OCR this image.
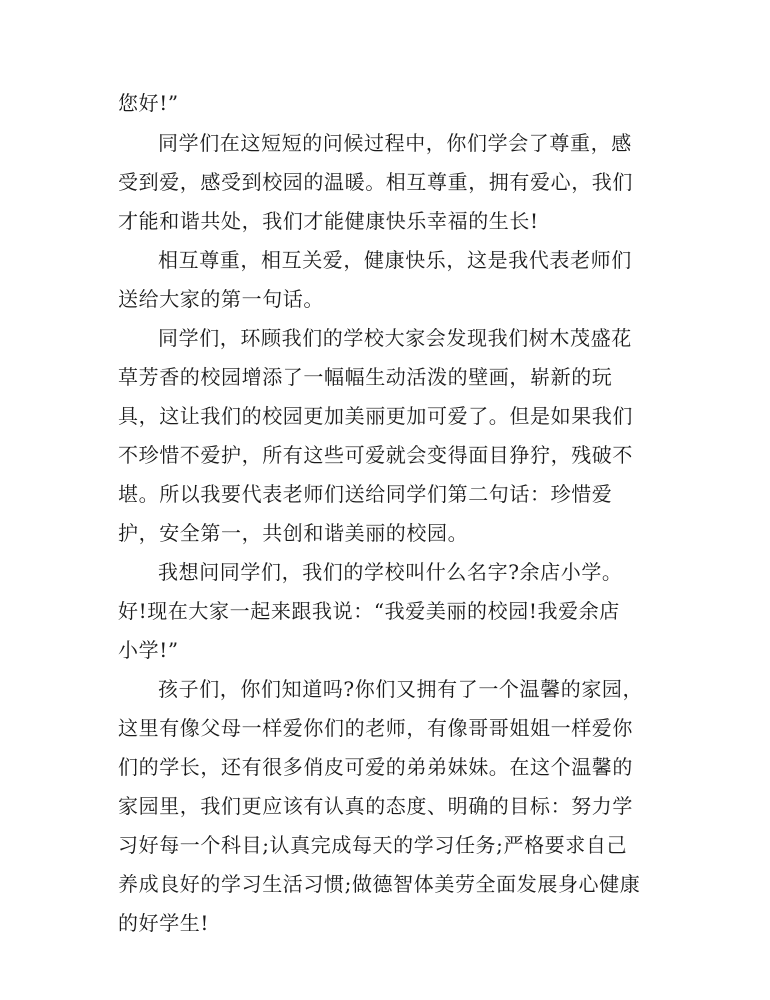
您好!”
同学们在这短短的问候过程中，你们学会了尊重，感
受到爱，感受到校园的温暖。相互尊重，拥有爱心，我们
才能和谐共处，我们才能健康快乐幸福的生长!
相互尊重，相互关爱，健康快乐，这是我代表老师们
送给大家的第一句话。
同学们，环顾我们的学校大家会发现我们树木茂盛花
草芳香的校园增添了一幅幅生动活泼的壁画，崭新的玩
具，这让我们的校园更加美丽更加可爱了。但是如果我们
不珍惜不爱护，所有这些可爱就会变得面目狰狞，残破不
堪。所以我要代表老师们送给同学们第二句话：珍惜爱
护，安全第一，共创和谐美丽的校园。
我想问同学们，我们的学校叫什么名字?余店小学。
好!现在大家一起来跟我说：“我爱美丽的校园!我爱余店
小学!”
孩子们，你们知道吗?你们又拥有了一个温馨的家园，
这里有像父母一样爱你们的老师，有像哥哥姐姐一样爱你
们的学长，还有很多俏皮可爱的弟弟妹妹。在这个温馨的
家园里，我们更应该有认真的态度、明确的目标：努力学
习好每一个科目;认真完成每天的学习任务;严格要求自己
养成良好的学习生活习惯;做德智体美劳全面发展身心健康
的好学生!
